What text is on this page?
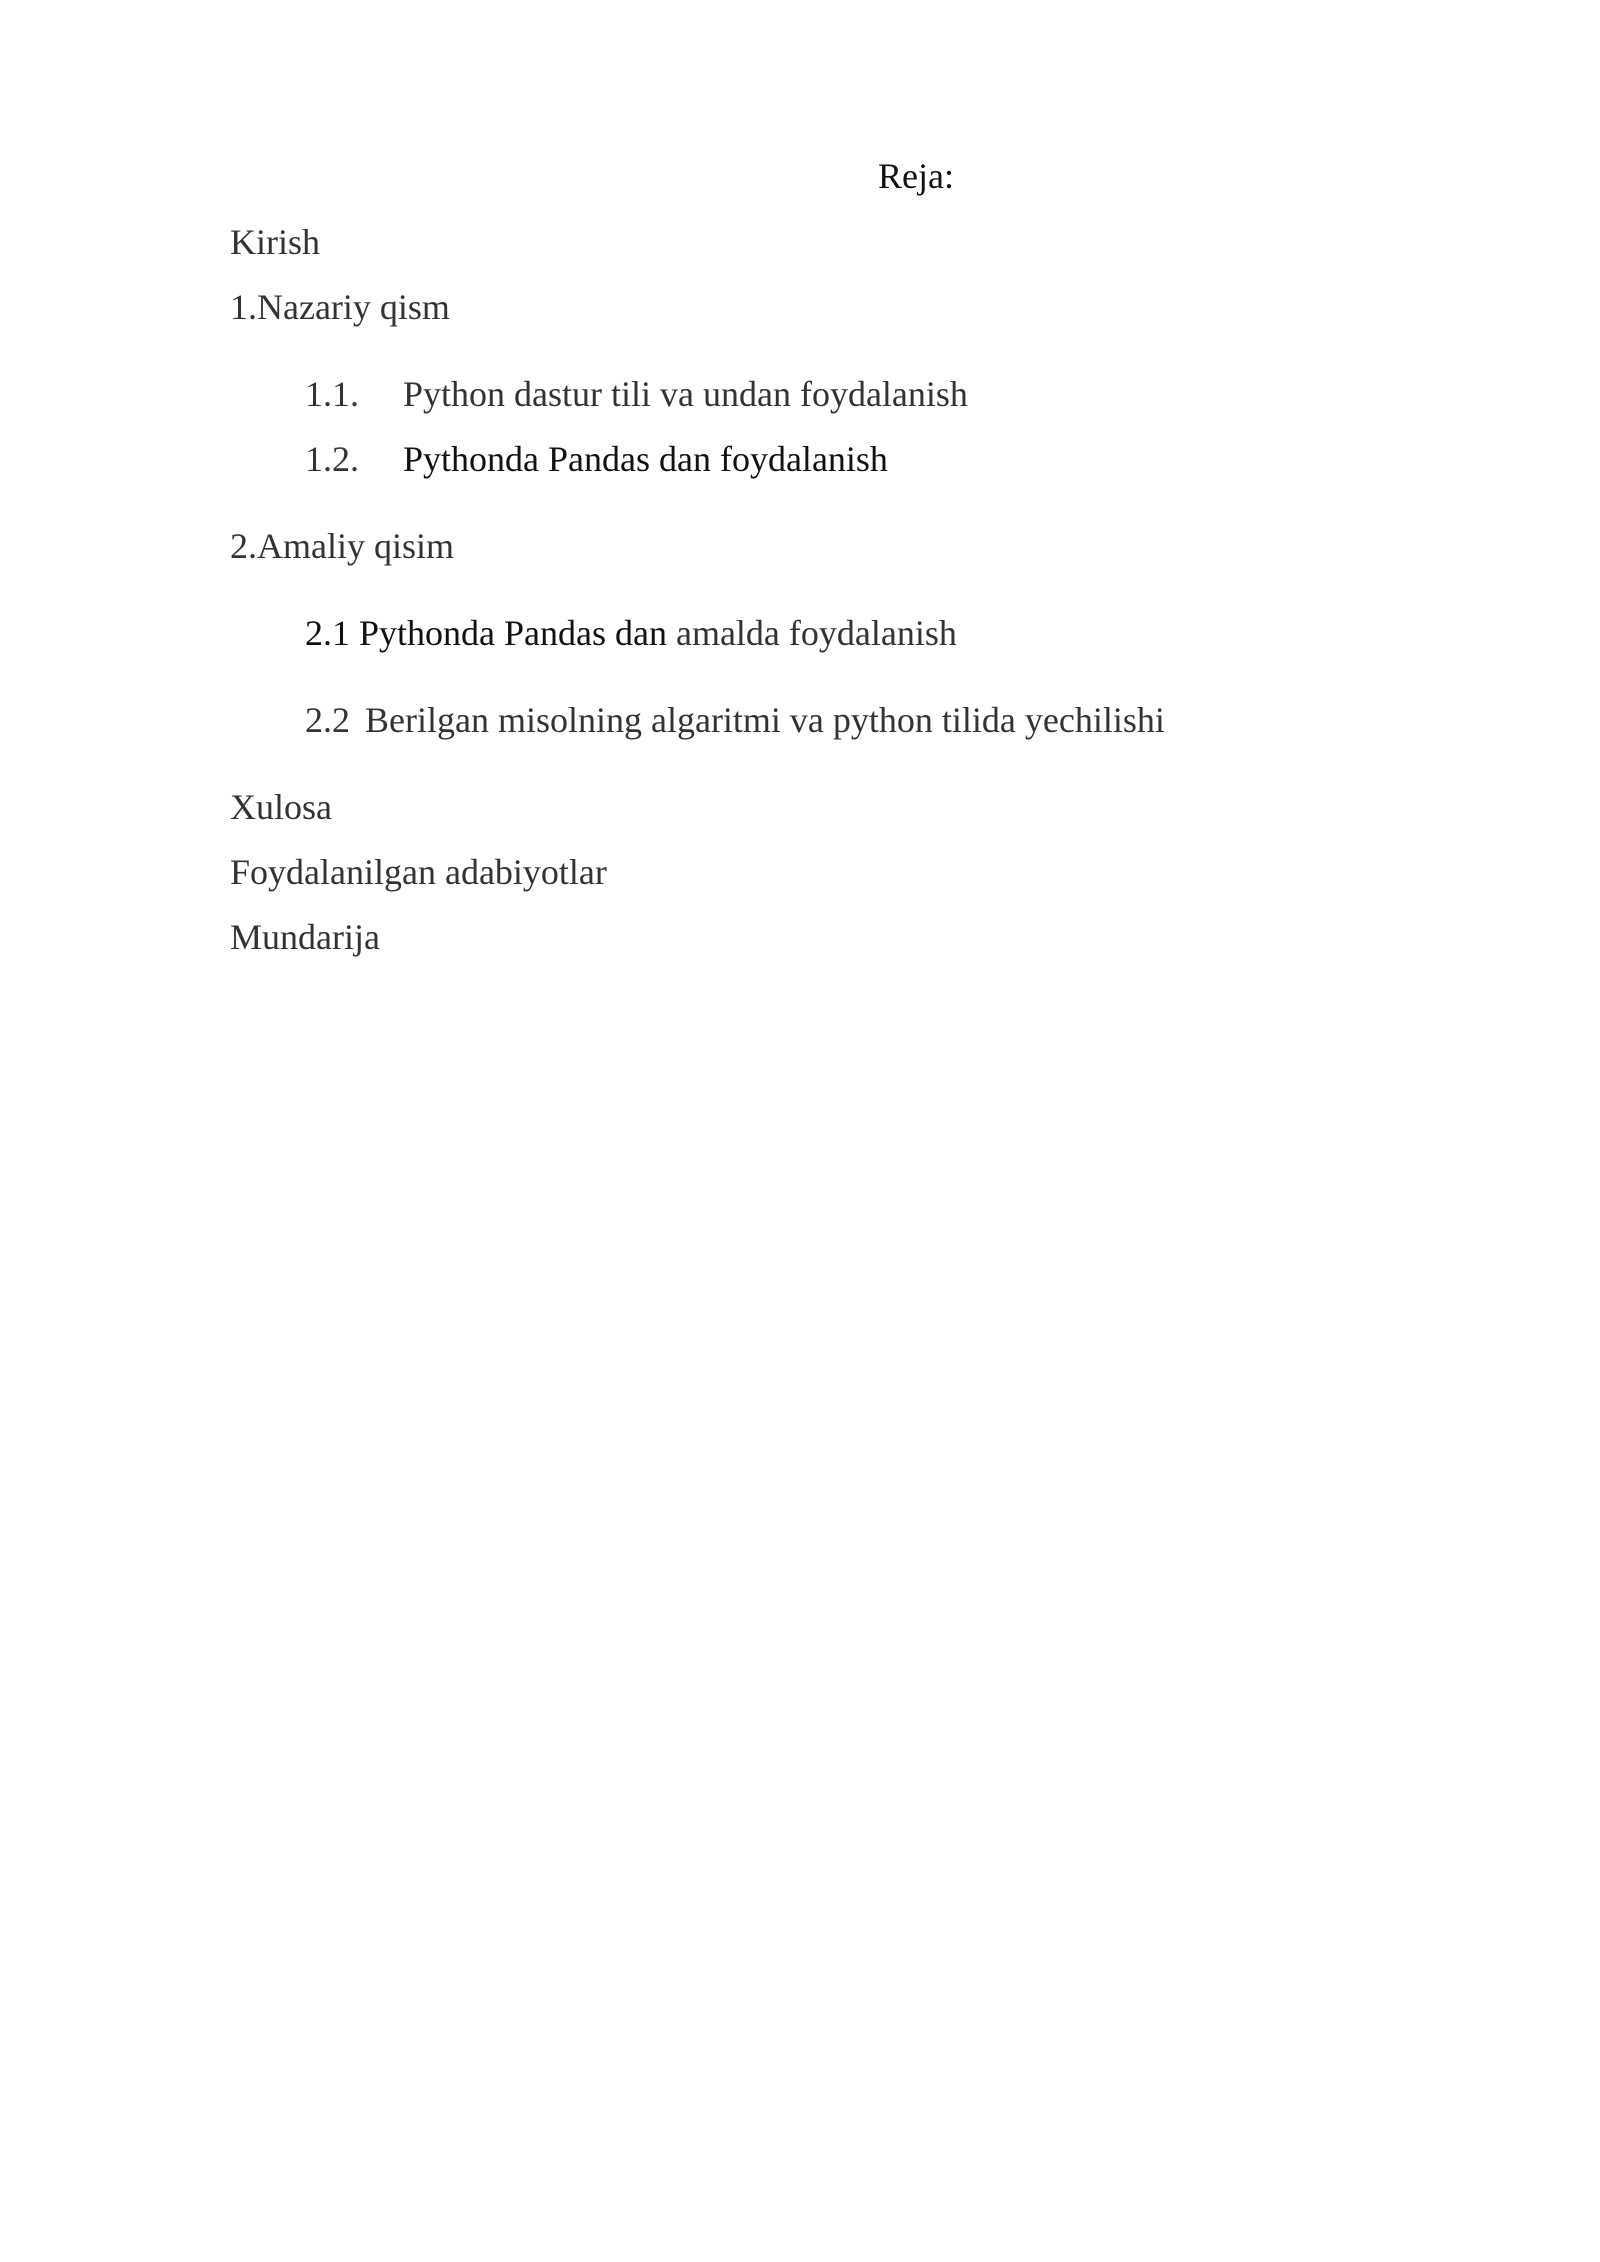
Reja:
Kirish
1.Nazariy qism
1.1. Python dastur tili va undan foydalanish
1.2. Pythonda Pandas dan foydalanish
2.Amaliy qisim
2.1 Pythonda Pandas dan amalda foydalanish
2.2 Berilgan misolning algaritmi va python tilida yechilishi
Xulosa
Foydalanilgan adabiyotlar
Mundarija
